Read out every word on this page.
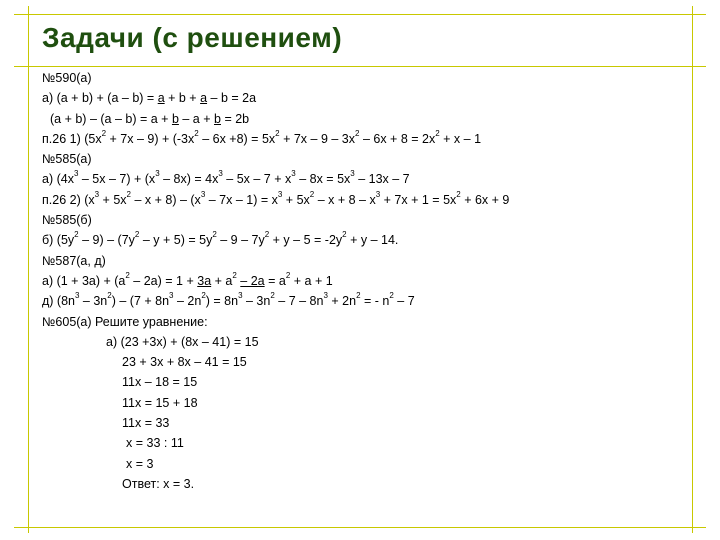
Задачи (с решением)
№590(а)
а) (а + b) + (а – b) = а + b + а – b = 2а
(а + b) – (а – b) = а + b – а + b = 2b
п.26 1) $(5x^2 + 7x - 9) + (-3x^2 - 6x +8) = 5x^2 + 7x - 9 - 3x^2 - 6x + 8 = 2x^2 + x - 1$
№585(а)
а) $(4x^3 - 5x - 7) + (x^3 - 8x) = 4x^3 - 5x - 7 + x^3 - 8x = 5x^3 - 13x - 7$
п.26 2) $(x^3 + 5x^2 - x + 8) - (x^3 - 7x - 1) = x^3 + 5x^2 - x + 8 - x^3 + 7x + 1 = 5x^2 + 6x + 9$
№585(б)
б) $(5y^2 - 9) - (7y^2 - y + 5) = 5y^2 - 9 - 7y^2 + y - 5 = -2y^2 + y - 14$.
№587(а, д)
а) $(1 + 3а) + (а^2 - 2а) = 1 + 3а + а^2 - 2а = а^2 + а + 1$
д) $(8n^3 - 3n^2) - (7 + 8n^3 - 2n^2) = 8n^3 - 3n^2 - 7 - 8n^3 + 2n^2$ = - $n^2 - 7$
№605(а) Решите уравнение:
а) (23 +3x) + (8x – 41) = 15
23 + 3x + 8x – 41 = 15
11x – 18 = 15
11x = 15 + 18
11x = 33
x = 33 : 11
x = 3
Ответ: x = 3.
